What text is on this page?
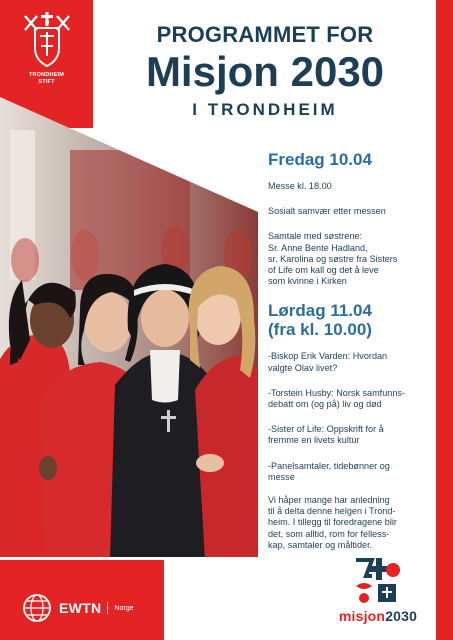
TRONDHEIM
STIFT
PROGRAMMET FOR
Misjon 2030
I TRONDHEIM
Fredag 10.04
Messe kl. 18.00
Sosialt samvær etter messen
Samtale med søstrene:
Sr. Anne Bente Hadland,
sr. Karolina og søstre fra Sisters
of Life om kall og det å leve
som kvinne i Kirken
Lørdag 11.04
(fra kl. 10.00)
-Biskop Erik Varden: Hvordan
valgte Olav livet?
-Torstein Husby: Norsk samfunns-
debatt om (og på) liv og død
-Sister of Life: Oppskrift for å
fremme en livets kultur
-Panelsamtaler, tidebønner og
messe
Vi håper mange har anledning
til å delta denne helgen i Trond-
heim. I tillegg til foredragene blir
det, som alltid, rom for felless-
kap, samtaler og måltider.
EWTN Norge	misjon2030
